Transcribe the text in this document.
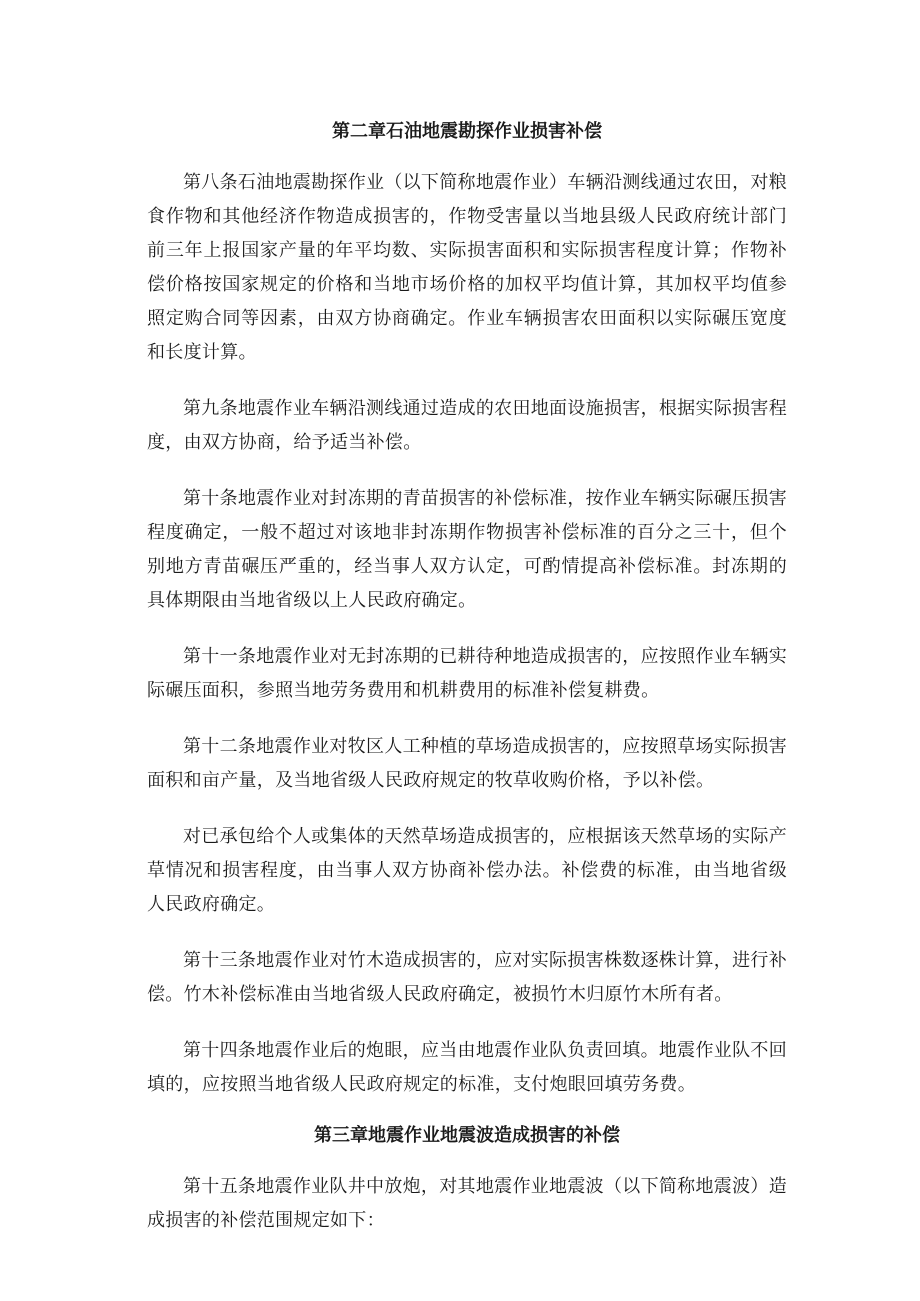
第二章石油地震勘探作业损害补偿

第八条石油地震勘探作业（以下简称地震作业）车辆沿测线通过农田，对粮食作物和其他经济作物造成损害的，作物受害量以当地县级人民政府统计部门前三年上报国家产量的年平均数、实际损害面积和实际损害程度计算；作物补偿价格按国家规定的价格和当地市场价格的加权平均值计算，其加权平均值参照定购合同等因素，由双方协商确定。作业车辆损害农田面积以实际碾压宽度和长度计算。

第九条地震作业车辆沿测线通过造成的农田地面设施损害，根据实际损害程度，由双方协商，给予适当补偿。

第十条地震作业对封冻期的青苗损害的补偿标准，按作业车辆实际碾压损害程度确定，一般不超过对该地非封冻期作物损害补偿标准的百分之三十，但个别地方青苗碾压严重的，经当事人双方认定，可酌情提高补偿标准。封冻期的具体期限由当地省级以上人民政府确定。

第十一条地震作业对无封冻期的已耕待种地造成损害的，应按照作业车辆实际碾压面积，参照当地劳务费用和机耕费用的标准补偿复耕费。

第十二条地震作业对牧区人工种植的草场造成损害的，应按照草场实际损害面积和亩产量，及当地省级人民政府规定的牧草收购价格，予以补偿。

对已承包给个人或集体的天然草场造成损害的，应根据该天然草场的实际产草情况和损害程度，由当事人双方协商补偿办法。补偿费的标准，由当地省级人民政府确定。

第十三条地震作业对竹木造成损害的，应对实际损害株数逐株计算，进行补偿。竹木补偿标准由当地省级人民政府确定，被损竹木归原竹木所有者。

第十四条地震作业后的炮眼，应当由地震作业队负责回填。地震作业队不回填的，应按照当地省级人民政府规定的标准，支付炮眼回填劳务费。

第三章地震作业地震波造成损害的补偿

第十五条地震作业队井中放炮，对其地震作业地震波（以下简称地震波）造成损害的补偿范围规定如下：
